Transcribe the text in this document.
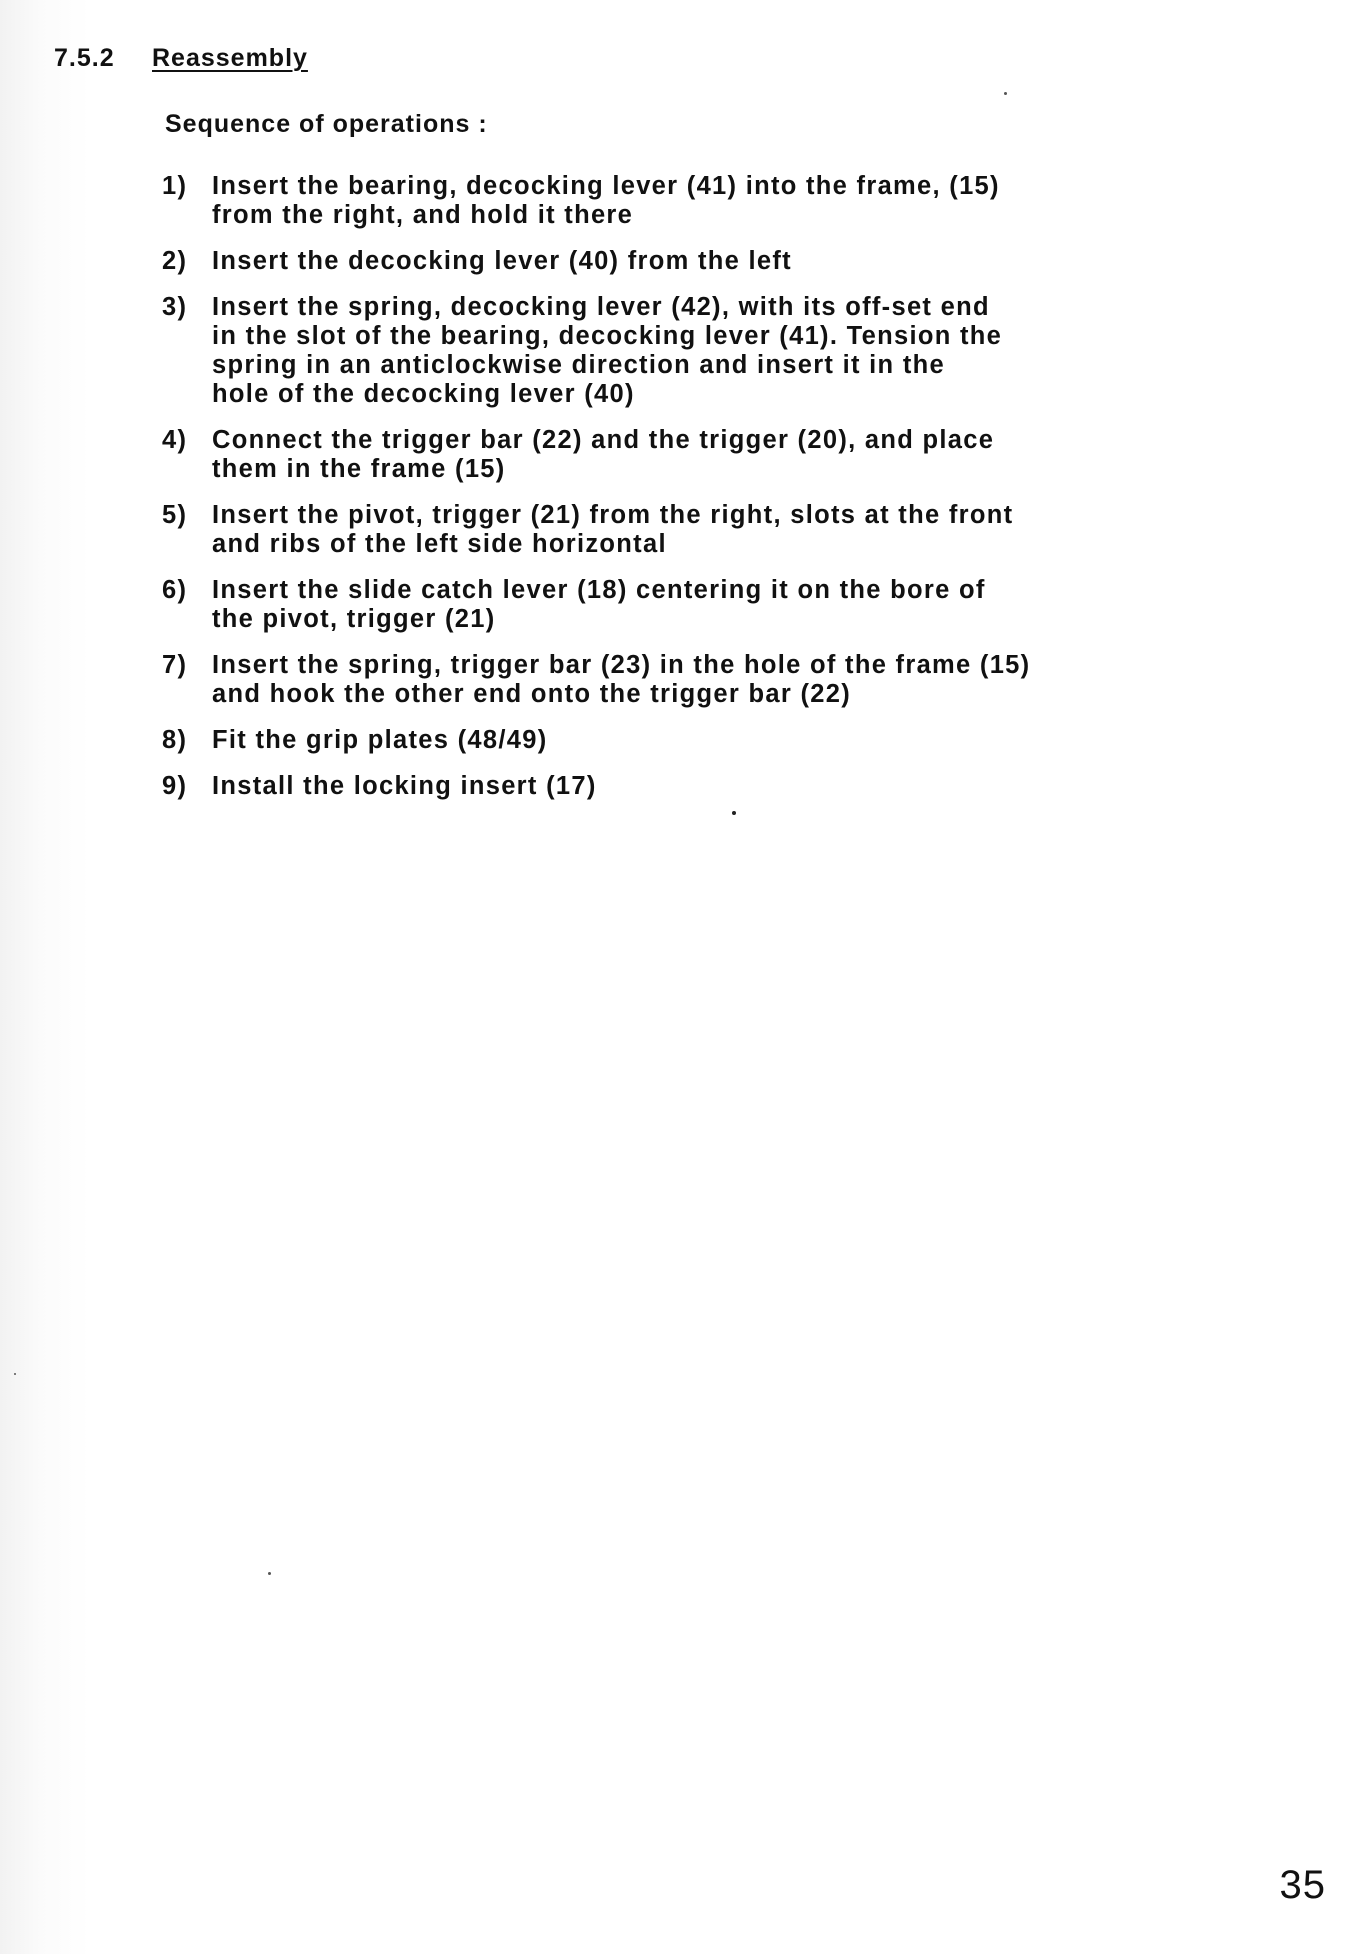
7.5.2 Reassembly
Sequence of operations :
1) Insert the bearing, decocking lever (41) into the frame, (15)
from the right, and hold it there
2) Insert the decocking lever (40) from the left
3) Insert the spring, decocking lever (42), with its off-set end
in the slot of the bearing, decocking lever (41). Tension the
spring in an anticlockwise direction and insert it in the
hole of the decocking lever (40)
4) Connect the trigger bar (22) and the trigger (20), and place
them in the frame (15)
5) Insert the pivot, trigger (21) from the right, slots at the front
and ribs of the left side horizontal
6) Insert the slide catch lever (18) centering it on the bore of
the pivot, trigger (21)
7) Insert the spring, trigger bar (23) in the hole of the frame (15)
and hook the other end onto the trigger bar (22)
8) Fit the grip plates (48/49)
9) Install the locking insert (17)
35
